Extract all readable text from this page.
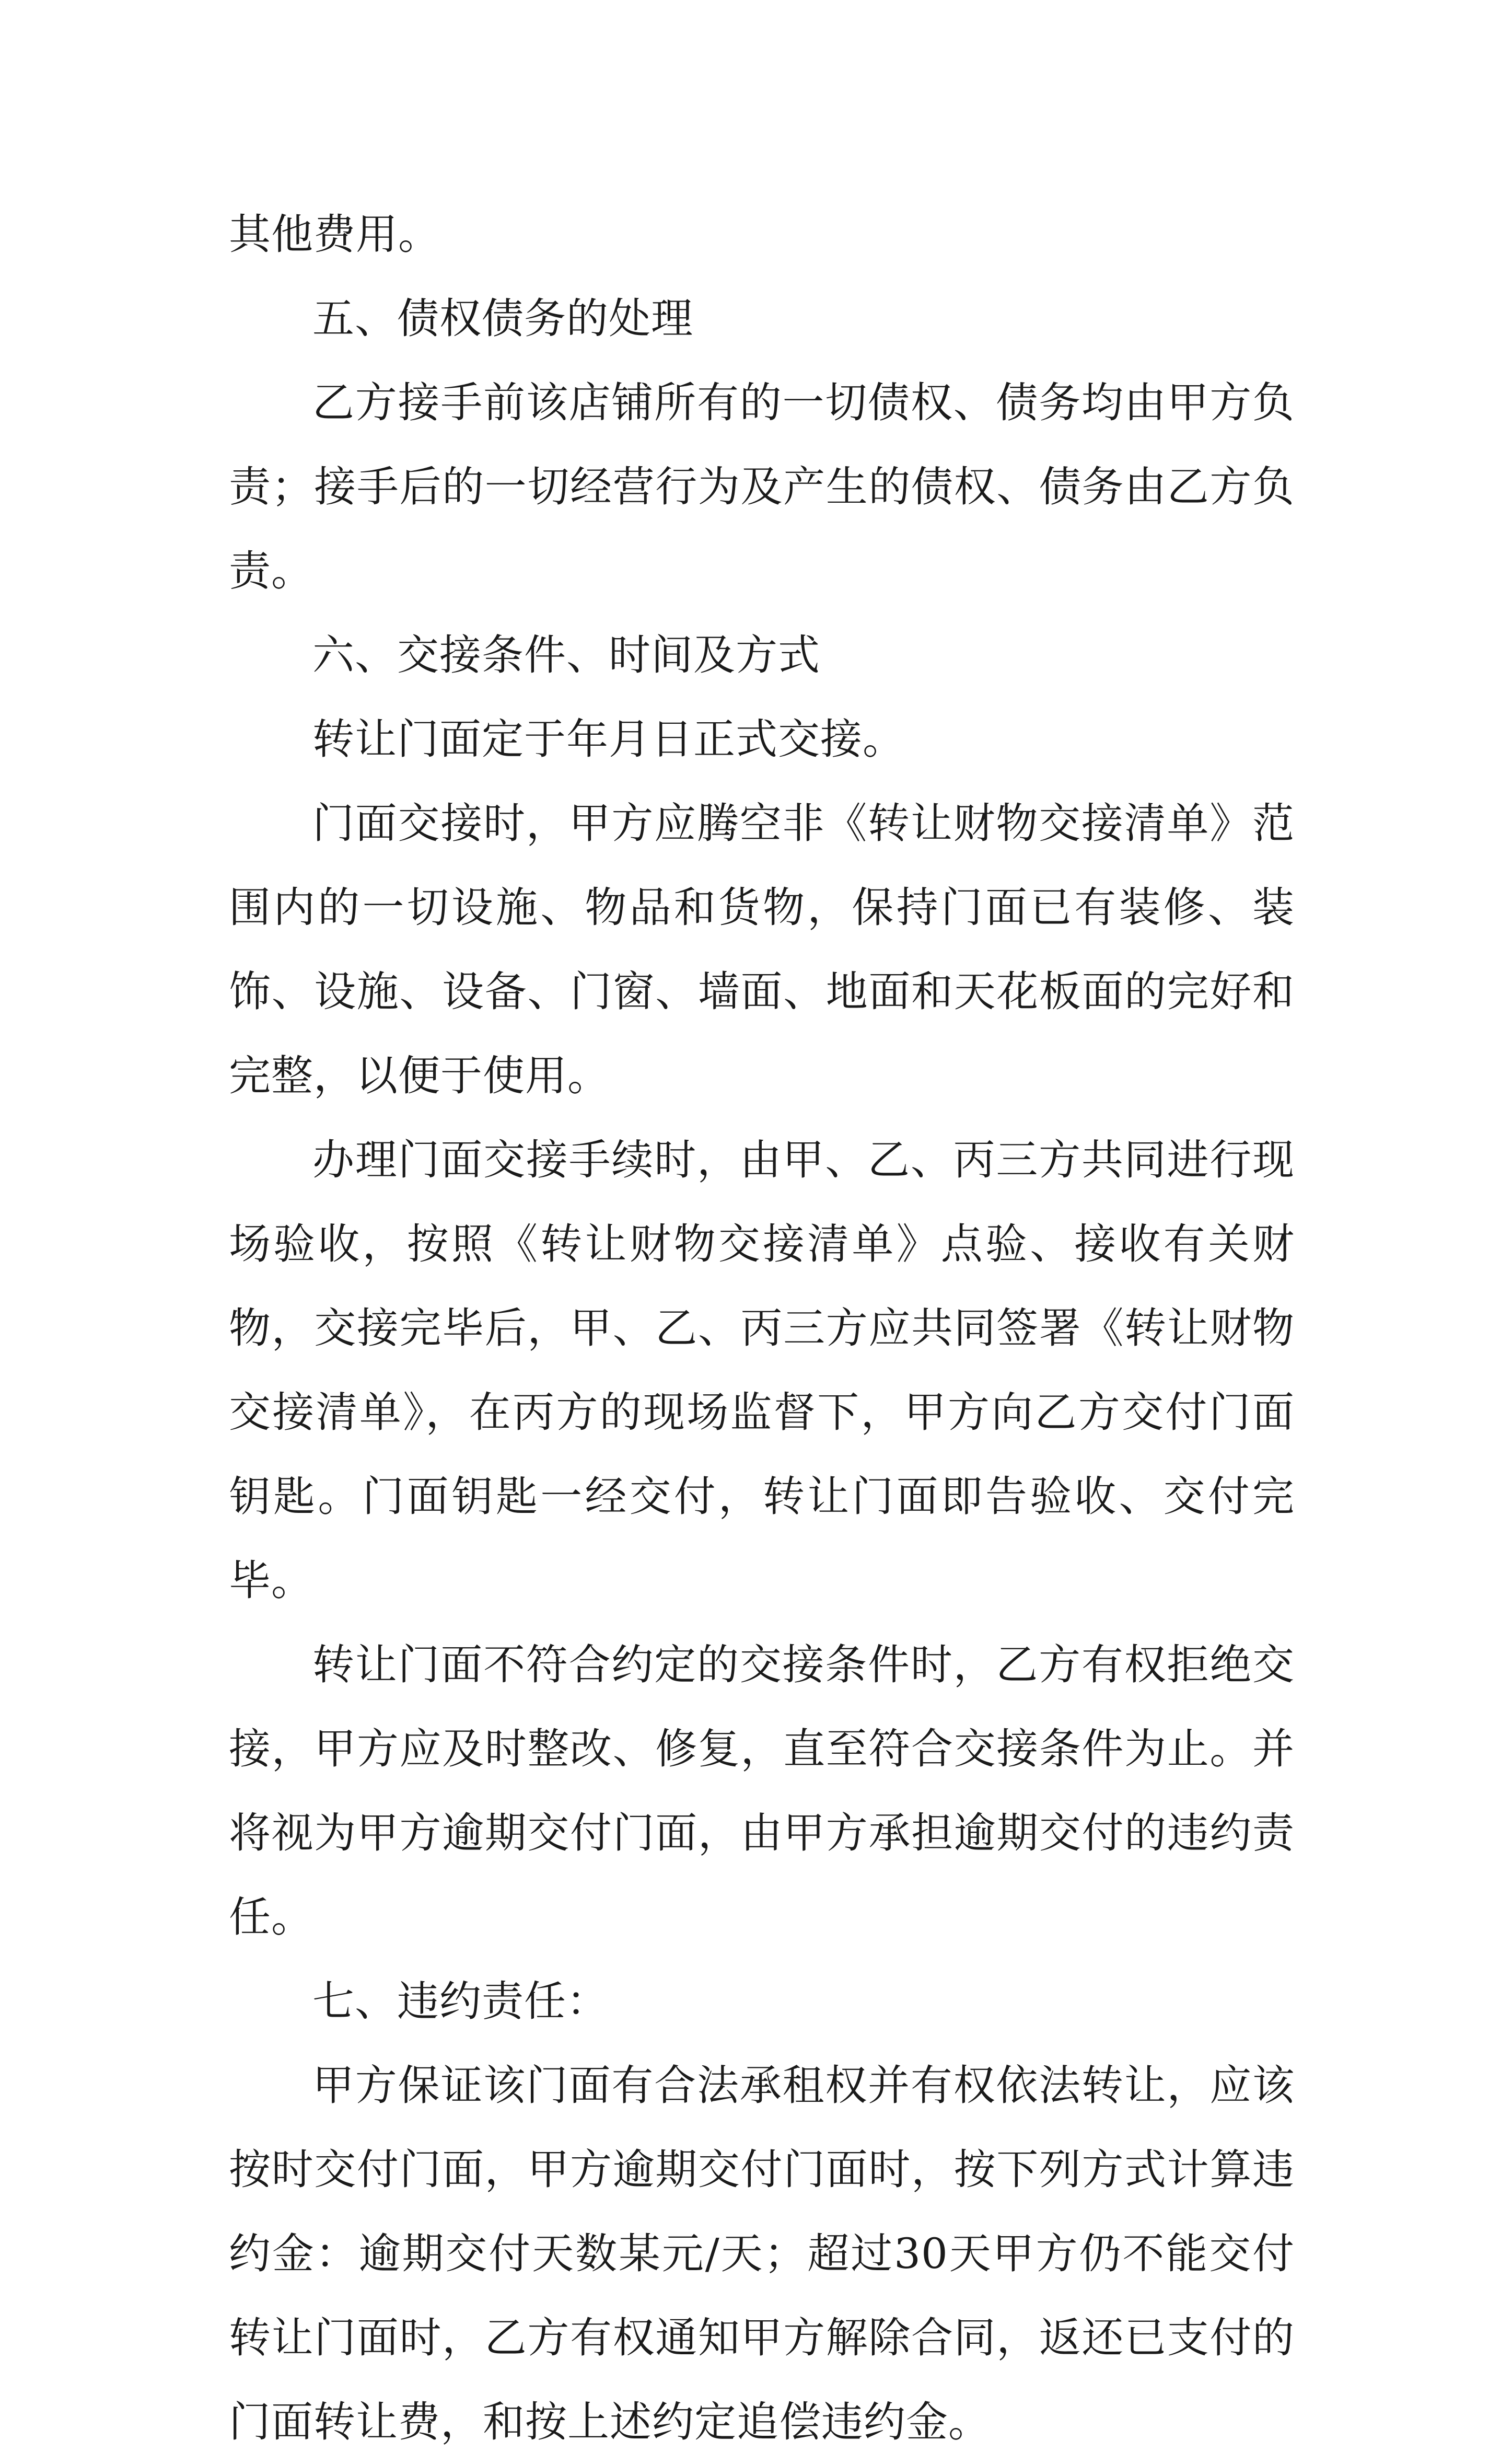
其他费用。

五、债权债务的处理

乙方接手前该店铺所有的一切债权、债务均由甲方负责；接手后的一切经营行为及产生的债权、债务由乙方负责。

六、交接条件、时间及方式

转让门面定于年月日正式交接。

门面交接时，甲方应腾空非《转让财物交接清单》范围内的一切设施、物品和货物，保持门面已有装修、装饰、设施、设备、门窗、墙面、地面和天花板面的完好和完整，以便于使用。

办理门面交接手续时，由甲、乙、丙三方共同进行现场验收，按照《转让财物交接清单》点验、接收有关财物，交接完毕后，甲、乙、丙三方应共同签署《转让财物交接清单》，在丙方的现场监督下，甲方向乙方交付门面钥匙。门面钥匙一经交付，转让门面即告验收、交付完毕。

转让门面不符合约定的交接条件时，乙方有权拒绝交接，甲方应及时整改、修复，直至符合交接条件为止。并将视为甲方逾期交付门面，由甲方承担逾期交付的违约责任。

七、违约责任：

甲方保证该门面有合法承租权并有权依法转让，应该按时交付门面，甲方逾期交付门面时，按下列方式计算违约金：逾期交付天数某元/天；超过30天甲方仍不能交付转让门面时，乙方有权通知甲方解除合同，返还已支付的门面转让费，和按上述约定追偿违约金。
